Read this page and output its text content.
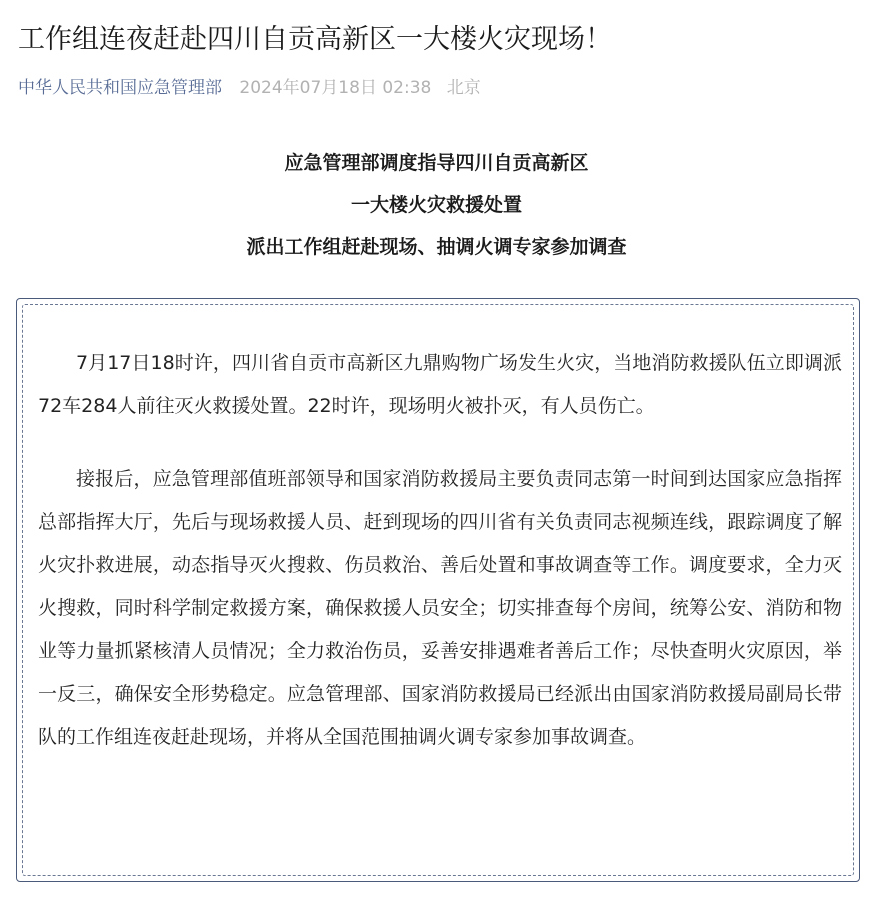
工作组连夜赶赴四川自贡高新区一大楼火灾现场！
中华人民共和国应急管理部 2024年07月18日 02:38 北京
应急管理部调度指导四川自贡高新区
一大楼火灾救援处置
派出工作组赶赴现场、抽调火调专家参加调查

7月17日18时许，四川省自贡市高新区九鼎购物广场发生火灾，当地消防救援队伍立即调派72车284人前往灭火救援处置。22时许，现场明火被扑灭，有人员伤亡。

接报后，应急管理部值班部领导和国家消防救援局主要负责同志第一时间到达国家应急指挥总部指挥大厅，先后与现场救援人员、赶到现场的四川省有关负责同志视频连线，跟踪调度了解火灾扑救进展，动态指导灭火搜救、伤员救治、善后处置和事故调查等工作。调度要求，全力灭火搜救，同时科学制定救援方案，确保救援人员安全；切实排查每个房间，统筹公安、消防和物业等力量抓紧核清人员情况；全力救治伤员，妥善安排遇难者善后工作；尽快查明火灾原因，举一反三，确保安全形势稳定。应急管理部、国家消防救援局已经派出由国家消防救援局副局长带队的工作组连夜赶赴现场，并将从全国范围抽调火调专家参加事故调查。
